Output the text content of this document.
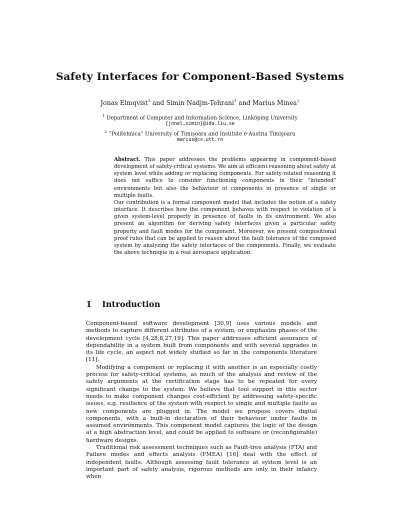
Safety Interfaces for Component-Based Systems
Jonas Elmqvist$^1$ and Simin Nadjm-Tehrani$^1$ and Marius Minea$^2$
$^1$ Department of Computer and Information Science, Linköping University
{jonel,simin}@ida.liu.se
$^2$ “Politehnica” University of Timişoara and Institute e-Austria Timişoara
marius@cs.utt.ro

Abstract. This paper addresses the problems appearing in component-based development of safety-critical systems. We aim at efficient reasoning about safety at system level while adding or replacing components. For safety-related reasoning it does not suffice to consider functioning components in their "intended" environments but also the behaviour of components in presence of single or multiple faults.

Our contribution is a formal component model that includes the notion of a safety interface. It describes how the component behaves with respect to violation of a given system-level property in presence of faults in its environment. We also present an algorithm for deriving safety interfaces given a particular safety property and fault modes for the component. Moreover, we present compositional proof rules that can be applied to reason about the fault tolerance of the composed system by analyzing the safety interfaces of the components. Finally, we evaluate the above technique in a real aerospace application.

1 Introduction

Component-based software development [30,9] uses various models and methods to capture different attributes of a system, or emphasize phases of the development cycle [4,28,8,27,19]. This paper addresses efficient assurance of dependability in a system built from components and with several upgrades in its life cycle, an aspect not widely studied so far in the components literature [11].

Modifying a component or replacing it with another is an especially costly process for safety-critical systems, as much of the analysis and review of the safety arguments at the certification stage has to be repeated for every significant change to the system. We believe that tool support in this sector needs to make component changes cost-efficient by addressing safety-specific issues, e.g. resilience of the system with respect to single and multiple faults as new components are plugged in. The model we propose covers digital components, with a built-in declaration of their behaviour under faults in assumed environments. This component model captures the logic of the design at a high abstraction level, and could be applied to software or (reconfigurable) hardware designs.

Traditional risk assessment techniques such as Fault-tree analysis (FTA) and Failure modes and effects analysis (FMEA) [16] deal with the effect of independent faults. Although assessing fault tolerance at system level is an important part of safety analysis, rigorous methods are only in their infancy when
